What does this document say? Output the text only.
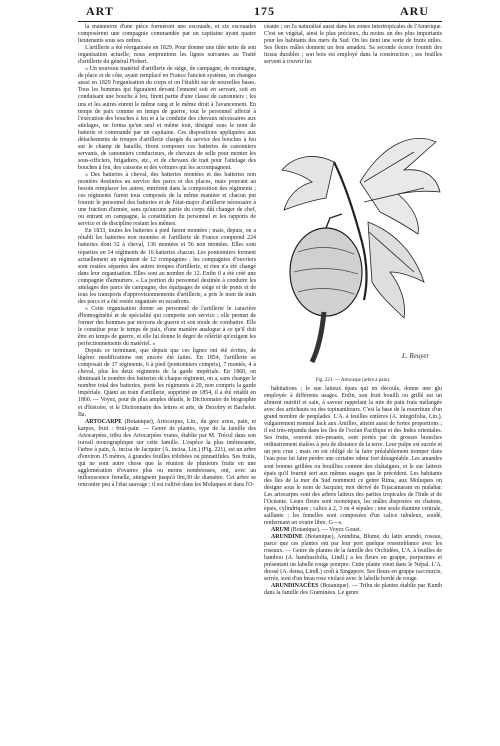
ART	175	ARU

la manœuvre d'une pièce formèrent une escouade, et six escouades composèrent une compagnie commandée par un capitaine ayant quatre lieutenants sous ses ordres.

L'artillerie a été réorganisée en 1829. Pour donner une idée nette de son organisation actuelle, nous empruntons les lignes suivantes au Traité d'artillerie du général Piobert.

« Un nouveau matériel d'artillerie de siège, de campagne, de montagne, de place et de côte, ayant remplacé en France l'ancien système, on changea aussi en 1829 l'organisation du corps et on l'établit sur de nouvelles bases. Tous les hommes qui figuraient devant l'ennemi soit en servant, soit en conduisant une bouche à feu, firent partie d'une classe de canonniers ; les uns et les autres eurent le même rang et le même droit à l'avancement. En temps de paix comme en temps de guerre, tout le personnel affecté à l'exécution des bouches à feu et à la conduite des chevaux nécessaires aux attelages, ne forma qu'un seul et même tout, désigné sous le nom de batterie et commandé par un capitaine. Ces dispositions appliquées aux détachements de troupes d'artillerie chargés du service des bouches à feu sur le champ de bataille, firent composer ces batteries de canonniers servants, de canonniers conducteurs, de chevaux de selle pour monter les sous-officiers, brigadiers, etc., et de chevaux de trait pour l'attelage des bouches à feu, des caissons et des voitures qui les accompagnent.

« Des batteries à cheval, des batteries montées et des batteries non montées destinées au service des parcs et des places, mais pouvant au besoin remplacer les autres, entrèrent dans la composition des régiments ; ces régiments furent tous composés de la même manière et chacun put fournir le personnel des batteries et de l'état-major d'artillerie nécessaire à une fraction d'armée, sans qu'aucune partie du corps dût changer de chef, ou entrant en campagne, la constitution du personnel et les rapports de service et de discipline restant les mêmes.

En 1833, toutes les batteries à pied furent montées ; mais, depuis, on a rétabli les batteries non montées et l'artillerie de France comprend 224 batteries dont 32 à cheval, 136 montées et 56 non montées. Elles sont réparties en 14 régiments de 16 batteries chacun. Les pontonniers forment actuellement un régiment de 12 compagnies ; les compagnies d'ouvriers sont restées séparées des autres troupes d'artillerie, et rien n'a été changé dans leur organisation. Elles sont au nombre de 12. Enfin il a été créé une compagnie d'armuriers. « La portion du personnel destinée à conduire les attelages des parcs de campagne, des équipages de siège et de ponts et de tous les transports d'approvisionnements d'artillerie, a pris le nom de train des parcs et a été restée organisée en escadrons.

« Cette organisation donne au personnel de l'artillerie le caractère d'homogénéité et de spécialité qui comporte son service ; elle permet de former des hommes par moyens de guerre et son mode de combattre. Elle le constitue pour le temps de paix, d'une manière analogue à ce qu'il doit être en temps de guerre, et elle lui donne le degré de célérité qu'exigent les perfectionnements du matériel. »

Depuis ce terminant, que depuis que ces lignes ont été écrites, de légères modifications ont encore été faites. En 1854, l'artillerie se composait de 17 régiments, 6 à pied (pontonniers compris), 7 montés, 4 à cheval, plus les deux régiments de la garde impériale. En 1860, on diminuait le nombre des batteries de chaque régiment, on a, sans changer le nombre total des batteries, porté les régiments à 20, non compris la garde impériale. Quant au train d'artillerie, supprimé en 1854, il a été rétabli en 1860. — Voyez, pour de plus amples détails, le Dictionnaire de biographie et d'histoire, et le Dictionnaire des lettres et arts, de Dezobry et Bachelet. Ba.

ARTOCARPE (Botanique), Artocarpus, Lin., du grec artos, pain, et karpos, fruit : fruit-pain. — Genre de plantes, type de la famille des Artocarpées, tribu des Artocarpées vraies, établie par M. Trécul dans son travail monographique sur cette famille. L'espèce la plus intéressante, l'arbre à pain, A. incisa de Jacquier (A. incisa, Lin.) (Fig. 221), est un arbre d'environ 15 mètres, à grandes feuilles trilobées ou pinnatifides. Ses fruits, qui ne sont autre chose que la réunion de plusieurs fruits en une agglomération d'ovaires plus ou moins nombreuses, ont, avec au inflorescence femelle, atteignent jusqu'à 0m,30 de diamètre. Cet arbre se rencontre peu à l'état sauvage ; il est cultivé dans les Moluques et dans l'O-

céanie ; on l'a naturalisé aussi dans les zones intertropicales de l'Amérique. C'est un végétal, ainsi le plus précieux, du moins un des plus importants pour les habitants des mers du Sud. On les tient une sorte de fruits utiles. Ses fleurs mâles donnent un bon amadou. Sa seconde écorce fournit des tissus durables ; son bois est employé dans la construction ; ses feuilles servent à couvrir les

L. Reuyer
Fig. 221. — Artocarpe (arbre à pain).

habitations ; le sue laiteux épais qui en découle, donne une glu employée à différents usages. Enfin, son fruit bouilli ou grillé est un aliment nutritif et sain, à saveur rappelant la mie de pain frais mélangée avec des artichauts ou des topinambours. C'est la base de la nourriture d'un grand nombre de peuplades. L'A. à feuilles entières (A. integrifolia, Lin.), vulgairement nommé Jack aux Antilles, atteint aussi de fortes proportions ; il est très-répandu dans les îles de l'océan Pacifique et des Indes orientales. Ses fruits, souvent très-pesants, sont portés par de grosses branches ordinairement étalées à peu de distance de la terre. Leur pulpe est sucrée et un peu crue ; mais on est obligé de la faire préalablement tremper dans l'eau pour lui faire perdre une certaine odeur fort désagréable. Les amandes sont bonnes grillées ou bouillies comme des châtaignes, et le suc laiteux épais qu'il fournit sert aux mêmes usages que le précédent. Les habitants des îles de la mer du Sud nomment ce genre Rima, aux Moluques on désigne sous le nom de Jacquier, mot dérivé de Tsjacamaram en malabar. Les artocarpes sont des arbres laiteux des parties tropicales de l'Inde et de l'Océanie. Leurs fleurs sont monoïques, les mâles disposées en chatons, épais, cylindriques ; calice à 2, 3 ou 4 sépales ; une seule étamine centrale, saillante ; les femelles sont composées d'un calice tubuleux, soudé, renfermant un ovaire libre. G—s.

ARUM (Botanique). — Voyez Gouet.

ARUNDINE (Botanique), Arundina, Blume, du latin arundo, roseau, parce que ces plantes ont par leur port quelque ressemblance avec les roseaux. — Genre de plantes de la famille des Orchidées, L'A. à feuilles de bambou (A. bambusifolia, Lindl.) a les fleurs en grappe, purpurines et présentant un labelle rouge pourpre. Cette plante vient dans le Népal. L'A. dressé (A. densa, Lindl.) croît à Singapore. Ses fleurs en grappe raccourcie, serrée, sont d'un beau rose violacé avec le labelle bordé de rouge.

ARUNDINACÉES (Botanique). — Tribu de plantes établie par Kunth dans la famille des Graminées. Le genre
